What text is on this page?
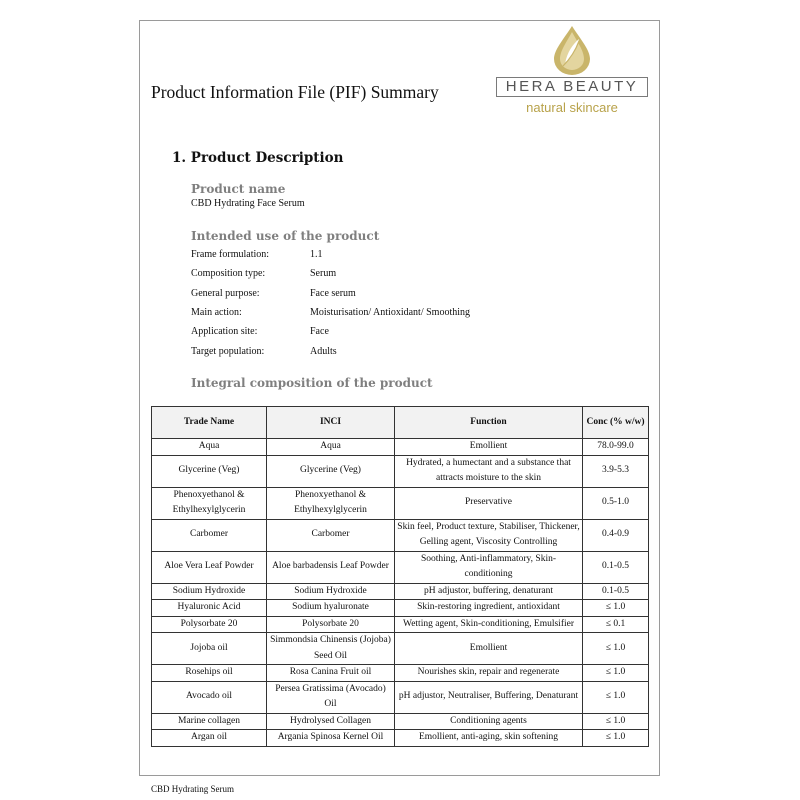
Product Information File (PIF) Summary	HERA BEAUTY
natural skincare
1. Product Description
Product name
CBD Hydrating Face Serum
Intended use of the product
Frame formulation:	1.1
Composition type:	Serum
General purpose:	Face serum
Main action:	Moisturisation/ Antioxidant/ Smoothing
Application site:	Face
Target population:	Adults
Integral composition of the product
Trade Name	INCI	Function	Conc (% w/w)
Aqua	Aqua	Emollient	78.0-99.0
Glycerine (Veg)	Glycerine (Veg)	Hydrated, a humectant and a substance that attracts moisture to the skin	3.9-5.3
Phenoxyethanol & Ethylhexylglycerin	Phenoxyethanol & Ethylhexylglycerin	Preservative	0.5-1.0
Carbomer	Carbomer	Skin feel, Product texture, Stabiliser, Thickener, Gelling agent, Viscosity Controlling	0.4-0.9
Aloe Vera Leaf Powder	Aloe barbadensis Leaf Powder	Soothing, Anti-inflammatory, Skin-conditioning	0.1-0.5
Sodium Hydroxide	Sodium Hydroxide	pH adjustor, buffering, denaturant	0.1-0.5
Hyaluronic Acid	Sodium hyaluronate	Skin-restoring ingredient, antioxidant	≤ 1.0
Polysorbate 20	Polysorbate 20	Wetting agent, Skin-conditioning, Emulsifier	≤ 0.1
Jojoba oil	Simmondsia Chinensis (Jojoba) Seed Oil	Emollient	≤ 1.0
Rosehips oil	Rosa Canina Fruit oil	Nourishes skin, repair and regenerate	≤ 1.0
Avocado oil	Persea Gratissima (Avocado) Oil	pH adjustor, Neutraliser, Buffering, Denaturant	≤ 1.0
Marine collagen	Hydrolysed Collagen	Conditioning agents	≤ 1.0
Argan oil	Argania Spinosa Kernel Oil	Emollient, anti-aging, skin softening	≤ 1.0
CBD Hydrating Serum
